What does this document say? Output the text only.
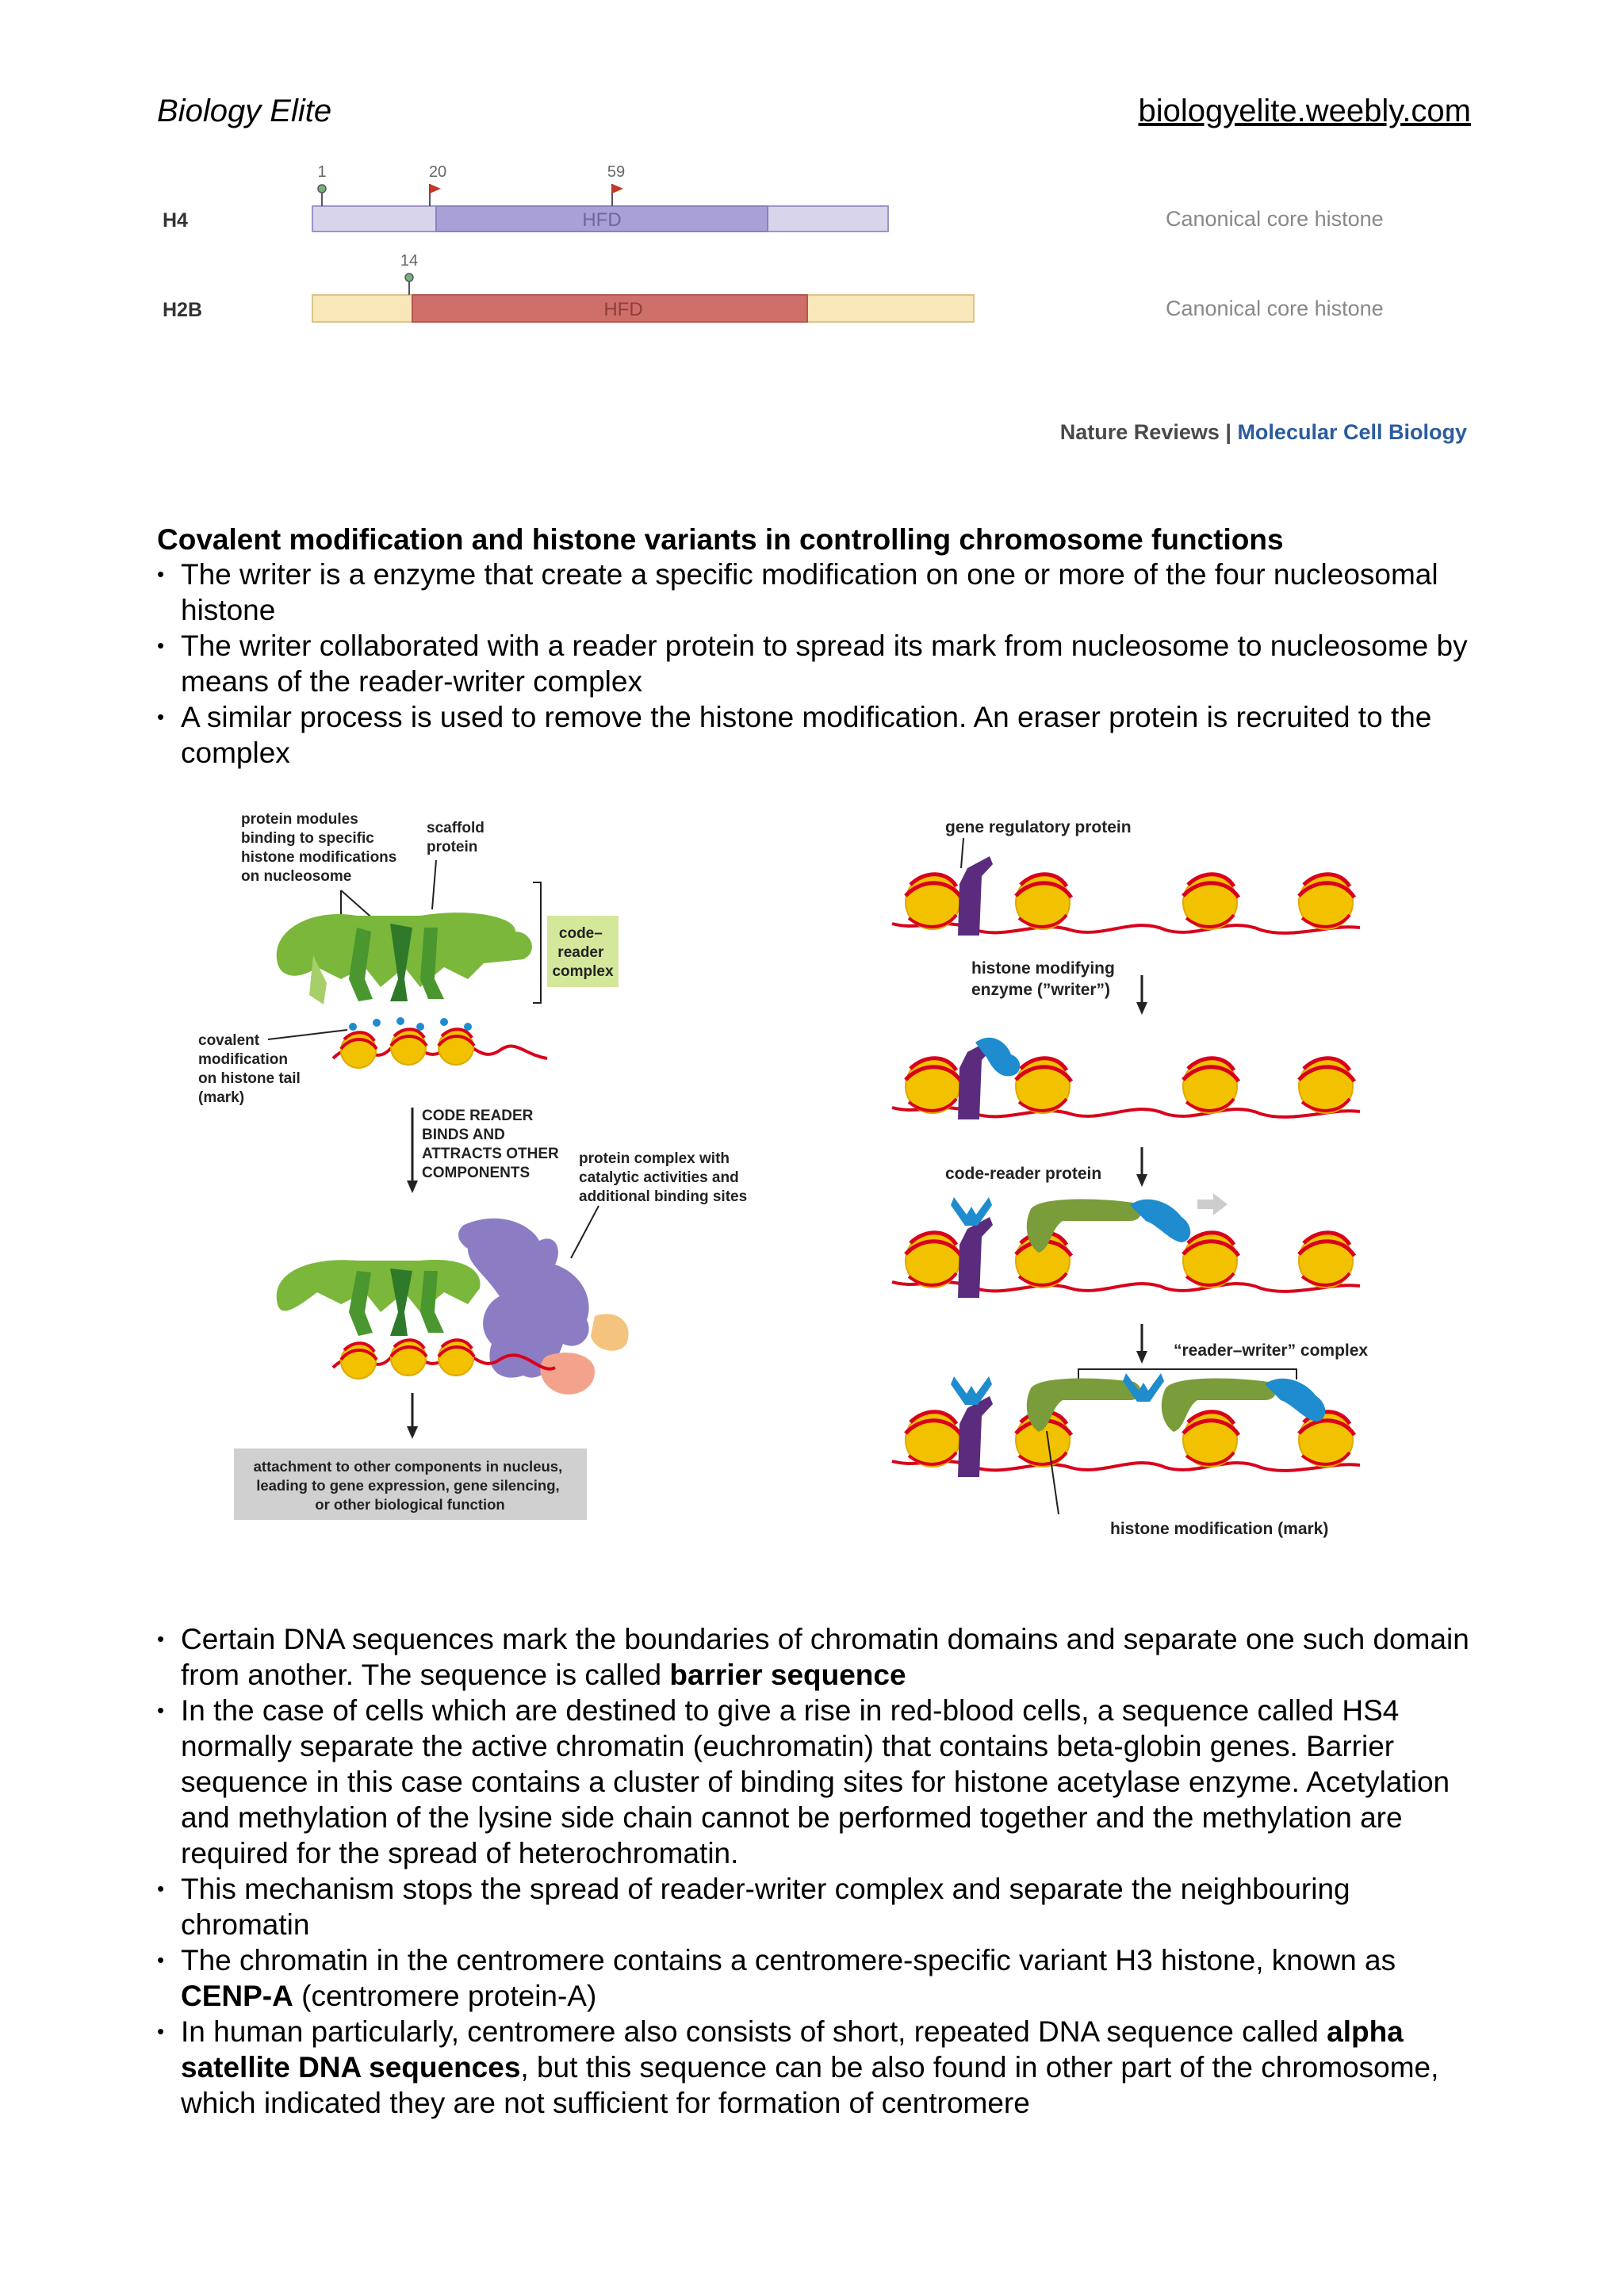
Biology Elite	biologyelite.weebly.com
H4	HFD
1	20	59
Canonical core histone
H2B	HFD
14
Canonical core histone
Nature Reviews | Molecular Cell Biology
Covalent modification and histone variants in controlling chromosome functions
• The writer is a enzyme that create a specific modification on one or more of the four nucleosomal histone
• The writer collaborated with a reader protein to spread its mark from nucleosome to nucleosome by means of the reader-writer complex
• A similar process is used to remove the histone modification. An eraser protein is recruited to the complex
protein modules binding to specific histone modifications on nucleosome
scaffold protein
code– reader complex
covalent modification on histone tail (mark)
CODE READER BINDS AND ATTRACTS OTHER COMPONENTS
protein complex with catalytic activities and additional binding sites
attachment to other components in nucleus, leading to gene expression, gene silencing, or other biological function
gene regulatory protein
histone modifying enzyme (”writer”)
code-reader protein
“reader–writer” complex
histone modification (mark)
• Certain DNA sequences mark the boundaries of chromatin domains and separate one such domain from another. The sequence is called barrier sequence
• In the case of cells which are destined to give a rise in red-blood cells, a sequence called HS4 normally separate the active chromatin (euchromatin) that contains beta-globin genes. Barrier sequence in this case contains a cluster of binding sites for histone acetylase enzyme. Acetylation and methylation of the lysine side chain cannot be performed together and the methylation are required for the spread of heterochromatin.
• This mechanism stops the spread of reader-writer complex and separate the neighbouring chromatin
• The chromatin in the centromere contains a centromere-specific variant H3 histone, known as CENP-A (centromere protein-A)
• In human particularly, centromere also consists of short, repeated DNA sequence called alpha satellite DNA sequences, but this sequence can be also found in other part of the chromosome, which indicated they are not sufficient for formation of centromere
